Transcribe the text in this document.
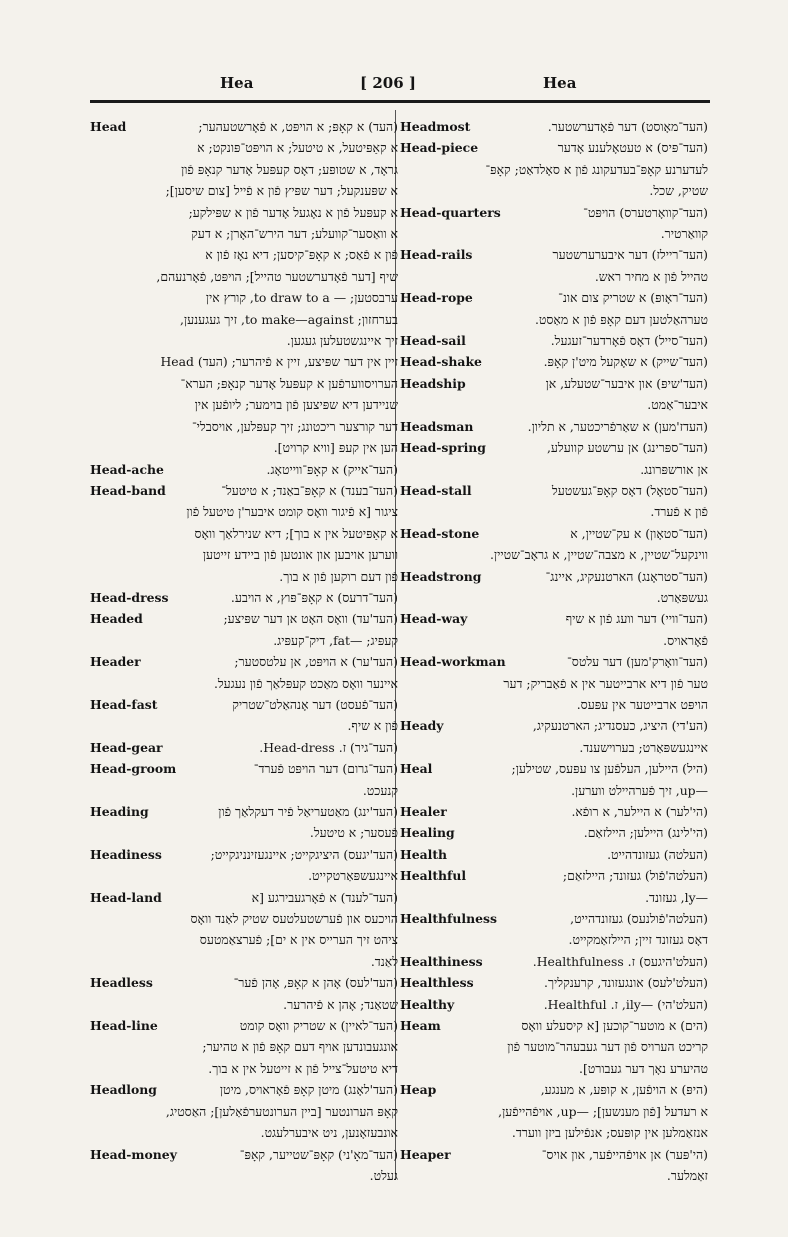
Hea	[ 206 ]	Hea
Head	(העד) א קאָפּ; א הויפּט, א פֿאָרשטעהער;
א קאַפּיטעל, א טיטעל; א הויפּט־פּונקט; א
גראָד, א שטופּע; דאָס קעפּעל אָדער קנאָפּ פֿון
א שפּענקעל; דער שפּיץ פֿון א פֿייל [צום שיסען];
א קעפּעל פֿון א נאָגעל אָדער פֿון א שפּילקע;
א וואַסער־קוועלע; דער הירש־האָרן; א דעק
פֿון א פֿאַס; א קאָפּ־קיסען; דיא נאָז פֿון א
שיף [דער פֿאָדערשטער טהייל]; הויפּט, פֿאָרנעהם,
ערבסטען; — to draw to a, קורץ אין
בערחזון; to make—against, זיך געגענען,
זיך איינגשטעלען געגען.
זיין אין דער שפּיצע, זיין א פֿיהרער; (העד) Head
הערויסווערפֿען א קעפּעל אָדער קנאָפּ; הערא־
שניידען דיא שפּיצען פֿון בוימער; ליופֿען אין
דער קורצער ריכטונג; זיך קעפּלען, אויסבלי־
הען אין קעפּ [וויא קרויט].
Head-ache	(העד־אייק) א קאָפּ־ווייטאָג.
Head-band	(העד־בענד) א קאָפּ־באַנד; א טיטעל־
ציגור [א פֿיגור וואָס קומט איבער'ן טיטעל פֿון
א קאַפּיטעל אין א בוך]; דיא שנירלאַך וואָס
ווערען אויבען און אונטען פֿון ביידע זייטען
פֿון דעם רוקען פֿון א בוך.
Head-dress	(העד־דרעס) א קאָפּ־פּוץ, א הויבע.
Headed	(העד'עד) וואָס האָט אן דער שפּיצע;
קעפּיג; —fat, דיק־קעפּיג.
Header	(העד'ער) א הויפּט, אן עלטסטער;
איינער וואָס מאַכט קעפּלאַך פֿון נעגעל.
Head-fast	(העד־פֿעסט) דער אָנהאַלט־שטריק
פֿון א שיף.
Head-gear	(העד־גיר) ז. Head-dress.
Head-groom	(העד־גרום) דער הויפּט פֿערד־
קנעכט.
Heading	(העד'ינג) מאַטעריאַל פֿיר דעקלאַך פֿון
פֿעסער; א טיטעל.
Headiness	(העד'יגעס) היציגקייט; איינגעזינניגקייט;
איינגעשפּאַרטקייט.
Head-land	(העד־לענד) א פֿאָרגעבירגע [א
הויכעס און פֿערשטעלטעס שטיק לאַנד וואָס
ציהט זיך הערייס אין א ים]; פֿערצאַמטעס
לאַנד.
Headless	(העד'לעס) אָהן א קאָפּ, אָהן פֿער־
שטאַנד; אָהן א פֿיהרער.
Head-line	(העד־לאיין) א שטריק וואָס קומט
אונגעבונדען אויף דעם קאָפּ פֿון א טהיער;
דיא טיטעל־צייל פֿון א זייטעל אין א בוך.
Headlong	(העד'לאָנג) מיטן קאָפּ פֿאָראויס, מיטן
קאָפּ הערונטער [ביין הערונטערפֿאַלען]; האַסטיג,
אונבעזאָנען, ניט איבערלעגט.
Head-money	(העד־מאָ'ני) קאָפּ־שטייער, קאָפּ־
געלט.
Headmost	(העד־מאָוסט) דער פֿאָדערשטער.
Head-piece	(העד־פּיס) א טעטאָלענע אָדער
לעדערנע קאָפּ־בעדעקונג פֿון א סאָלדאַט; קאָפּ־
שטיק, שכל.
Head-quarters	(העד־קוואָרטערס) הויפּט־
קוואַרטיר.
Head-rails	(העד־ריילז) דער איבערערשטער
טהייל פֿון א מחיר ראש.
Head-rope	(העד־ראָופּ) א שטריק צום אונ־
טערהאַלטען דעם קאָפּ פֿון א מאַסט.
Head-sail	(העד־סייל) דאָס פֿאָרדער־זעגעל.
Head-shake	(העד־שייק) א שאָקעל מיט'ן קאָפּ.
Headship	(העד'שיפּ) און איבער־שטעלע, אן
איבער־אַמט.
Headsman	(העדז'מען) א שאַרפֿריכטער, א תליון.
Head-spring	(העד־ספּרינג) אן ערשטע קוועלע,
אן אורשפּרונג.
Head-stall	(העד־סטאָל) דאָס קאָפּ־געשטעל
פֿון א פֿערד.
Head-stone	(העד־סטאָון) א עק־שטיין, א
ווינקעל־שטיין, א מצבה־שטיין, א גראָב־שטיין.
Headstrong	(העד־סטראָנג) הארטנעקיג, איינג־
געשפּאַרט.
Head-way	(העד־וויי) דער וועג פֿון א שיף
פֿאָראויס.
Head-workman	(העד־וואָרק'מען) דער עלטס־
טער פֿון דיא ארבייטער אין א פֿאַבריק; דער
הויפּט ארבייטער אין עפּעס.
Heady	(הע'די) היציג, כעסנדיג; הארטנעקיג,
איינגעשפּאַרט; בערוישענד.
Heal	(היל) היילען, העלפֿען צו עפּעס, שטילען;
—up, זיך פֿערהיילט ווערען.
Healer	(הי'לער) א היילער, א רופֿא.
Healing	(הי'לינג) היילען; היילזאַם.
Health	(העלטה) געזונדהייט.
Healthful	(העלטה'פֿול) געזונד; היילזאַם;
—ly, געזונד.
Healthfulness	(העלטה'פֿולנעס) געזונדהייט,
דאָס געזונד זיין; היילזאַמקייט.
Healthiness	(העלט'היגעס) ז. Healthfulness.
Healthless	(העלט'לעס) אונגעזונד, קרענקליך.
Healthy	(העלט'הי) —ily, ז. Healthful.
Heam	(הים) א מוטער־קוכען [א קיסעלע וואָס
קריכט הערויס פֿון דער געבעהר־מוטער פֿון
טהיערע נאָך דער געבורט].
Heap	(היפּ) א הויפֿען, א קופּע, א מענגע,
א רעדעל [פֿון מענשען]; —up, אויפֿהייפֿען,
אנזאַמלען אין קופּעס; אנפֿילען ביזן ווערד.
Heaper	(הי'פּער) אן אויפֿהייפֿער, און אויס־
זאַמלער.
